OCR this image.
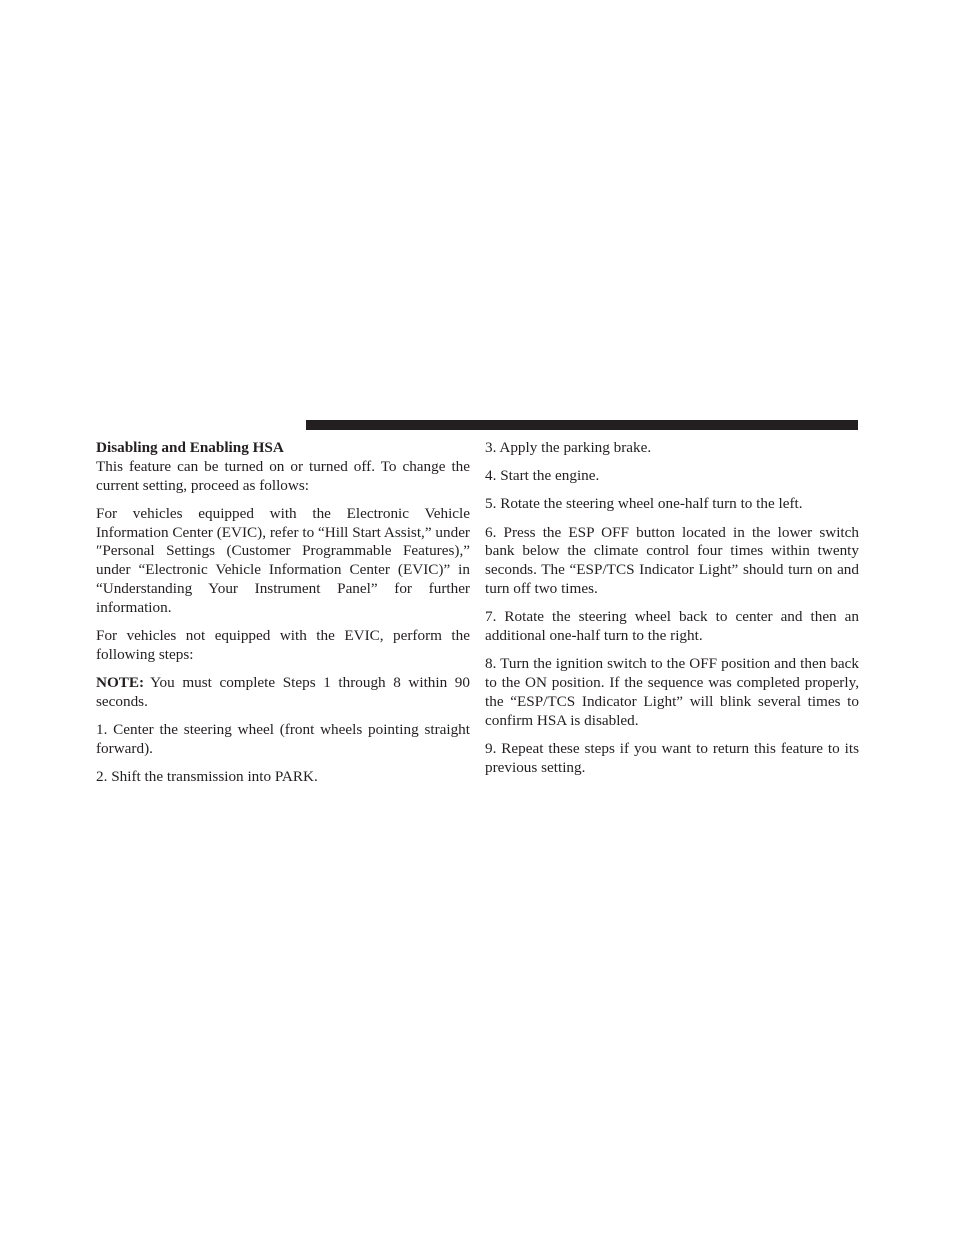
Disabling and Enabling HSA

This feature can be turned on or turned off. To change the current setting, proceed as follows:

For vehicles equipped with the Electronic Vehicle Information Center (EVIC), refer to “Hill Start Assist,” under ″Personal Settings (Customer Programmable Features),” under “Electronic Vehicle Information Center (EVIC)” in “Understanding Your Instrument Panel” for further information.

For vehicles not equipped with the EVIC, perform the following steps:

NOTE: You must complete Steps 1 through 8 within 90 seconds.

1. Center the steering wheel (front wheels pointing straight forward).

2. Shift the transmission into PARK.

3. Apply the parking brake.

4. Start the engine.

5. Rotate the steering wheel one-half turn to the left.

6. Press the ESP OFF button located in the lower switch bank below the climate control four times within twenty seconds. The “ESP/TCS Indicator Light” should turn on and turn off two times.

7. Rotate the steering wheel back to center and then an additional one-half turn to the right.

8. Turn the ignition switch to the OFF position and then back to the ON position. If the sequence was completed properly, the “ESP/TCS Indicator Light” will blink several times to confirm HSA is disabled.

9. Repeat these steps if you want to return this feature to its previous setting.
